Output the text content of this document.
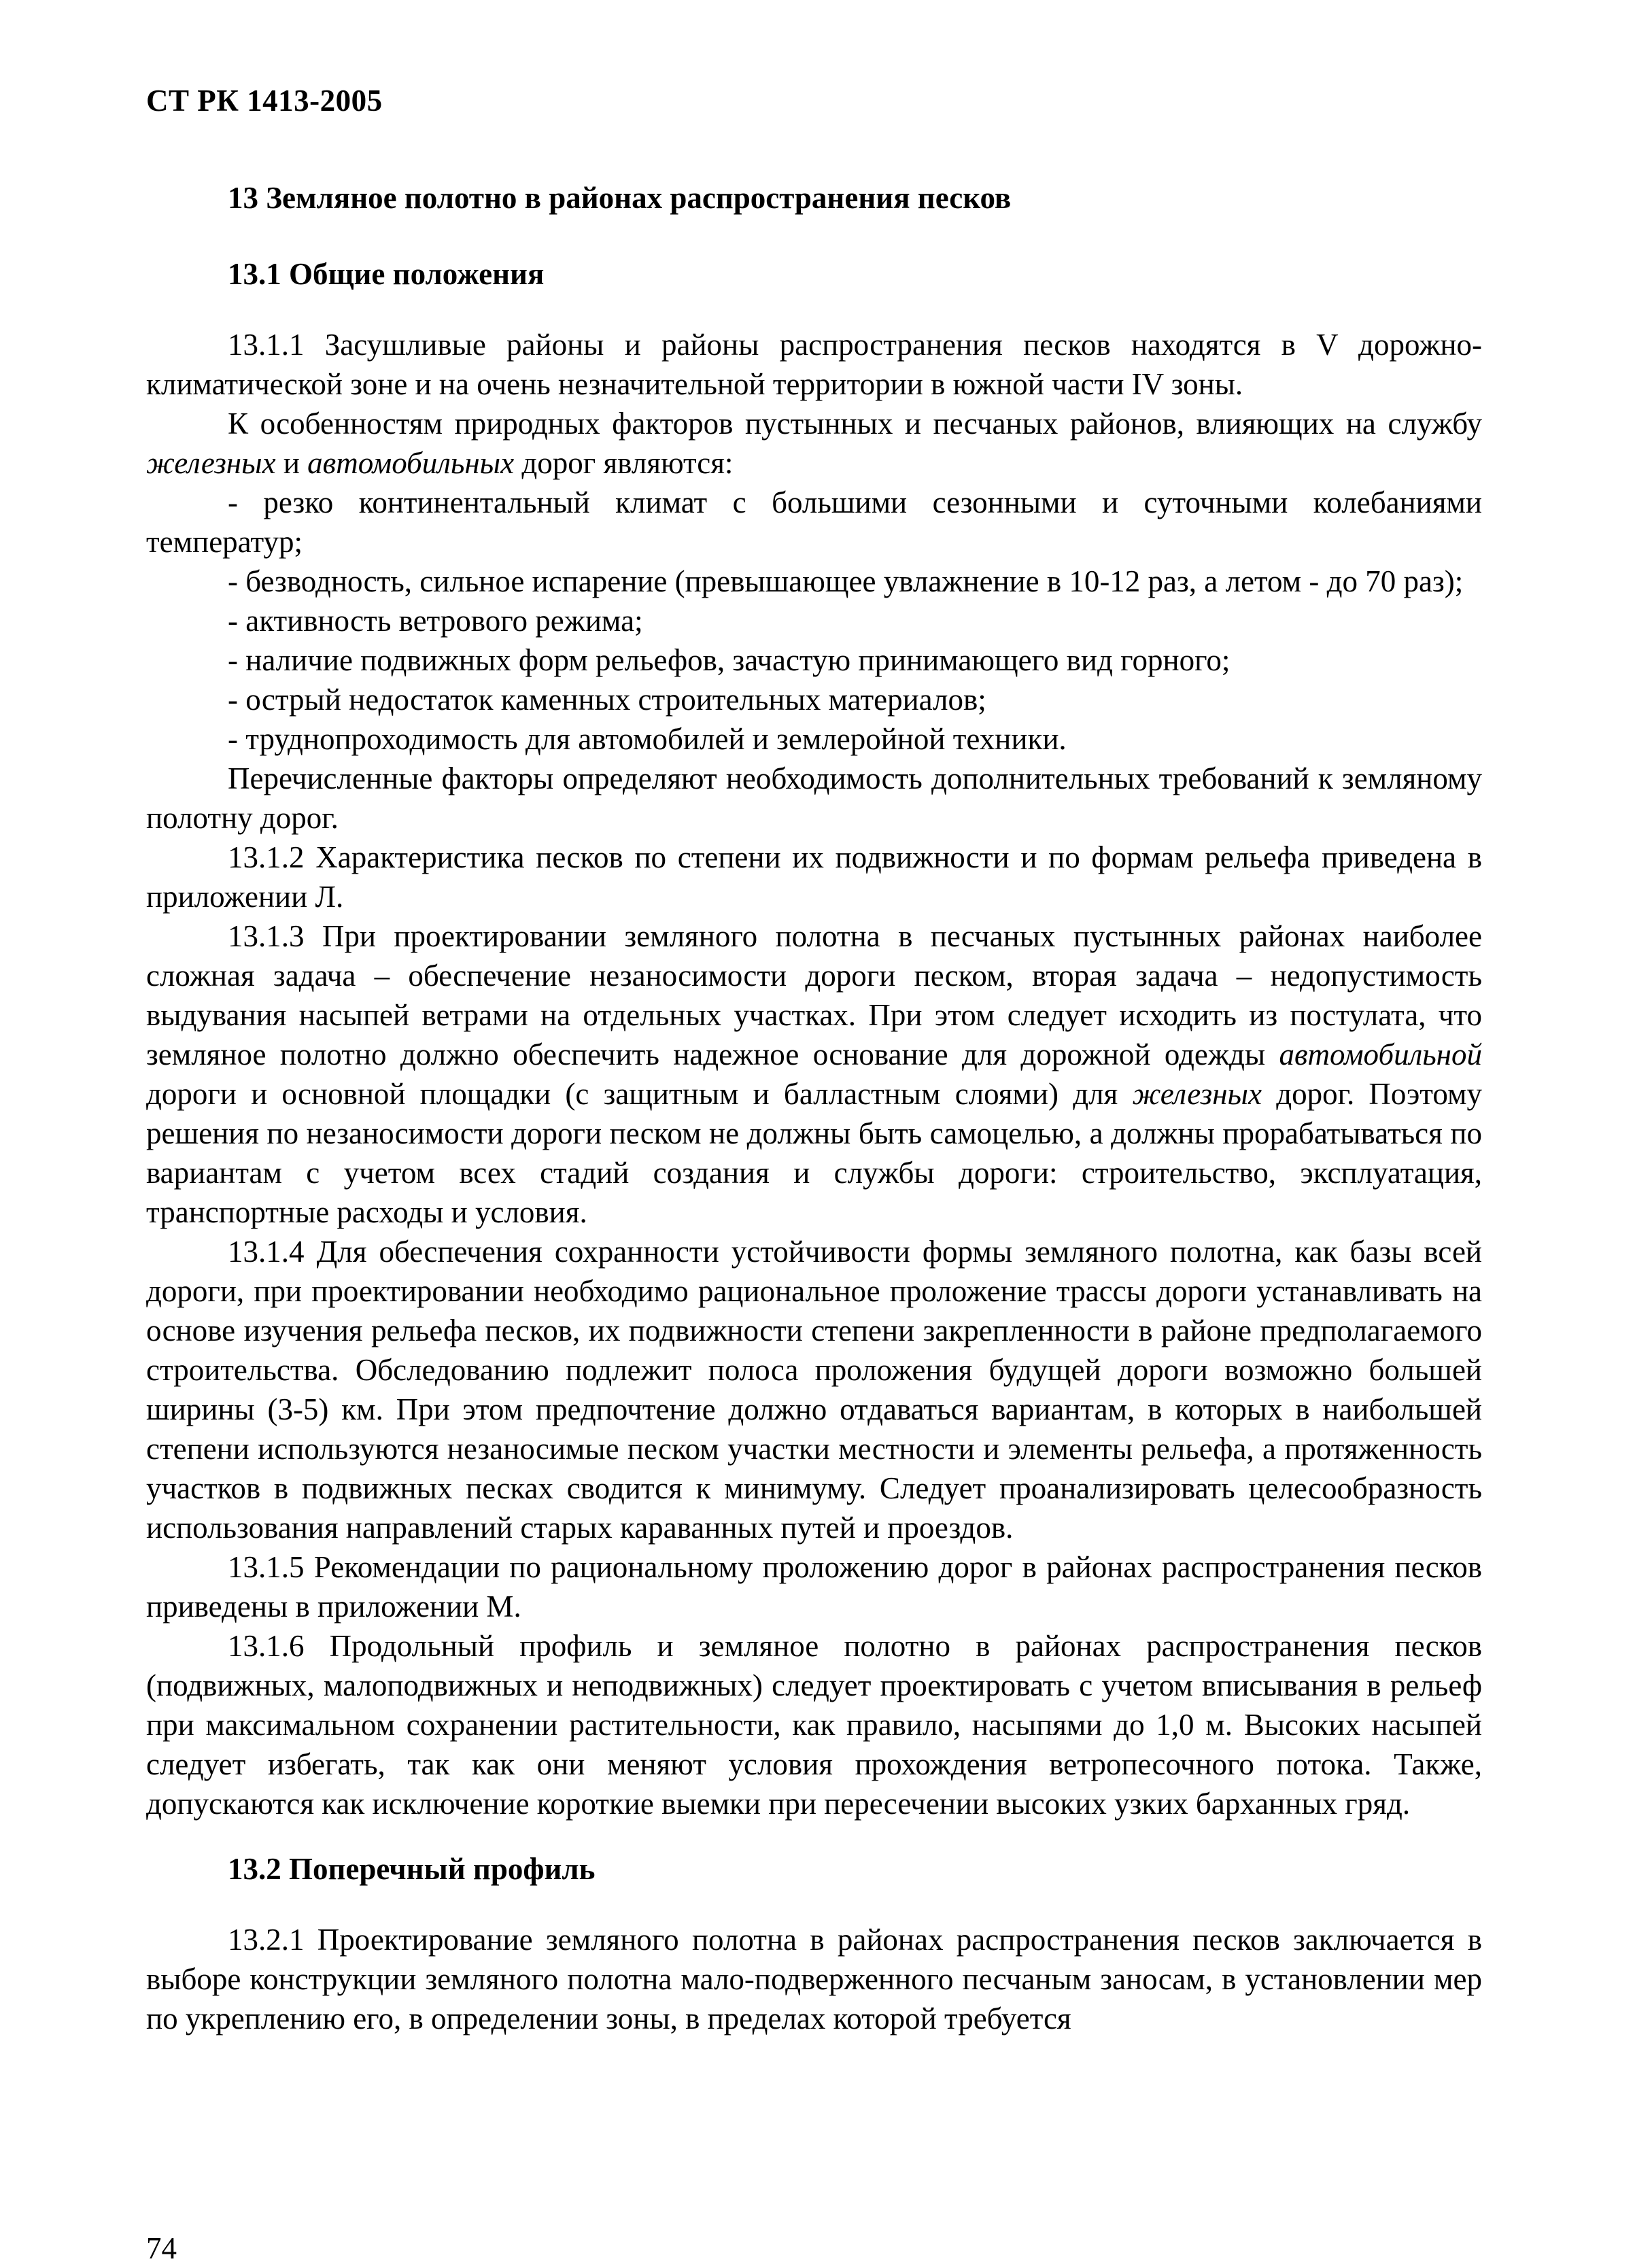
СТ РК 1413-2005
13 Земляное полотно в районах распространения песков
13.1 Общие положения

13.1.1 Засушливые районы и районы распространения песков находятся в V дорожно-климатической зоне и на очень незначительной территории в южной части IV зоны.

К особенностям природных факторов пустынных и песчаных районов, влияющих на службу железных и автомобильных дорог являются:

- резко континентальный климат с большими сезонными и суточными колебаниями температур;

- безводность, сильное испарение (превышающее увлажнение в 10-12 раз, а летом - до 70 раз);

- активность ветрового режима;

- наличие подвижных форм рельефов, зачастую принимающего вид горного;

- острый недостаток каменных строительных материалов;

- труднопроходимость для автомобилей и землеройной техники.

Перечисленные факторы определяют необходимость дополнительных требований к земляному полотну дорог.

13.1.2 Характеристика песков по степени их подвижности и по формам рельефа приведена в приложении Л.

13.1.3 При проектировании земляного полотна в песчаных пустынных районах наиболее сложная задача – обеспечение незаносимости дороги песком, вторая задача – недопустимость выдувания насыпей ветрами на отдельных участках. При этом следует исходить из постулата, что земляное полотно должно обеспечить надежное основание для дорожной одежды автомобильной дороги и основной площадки (с защитным и балластным слоями) для железных дорог. Поэтому решения по незаносимости дороги песком не должны быть самоцелью, а должны прорабатываться по вариантам с учетом всех стадий создания и службы дороги: строительство, эксплуатация, транспортные расходы и условия.

13.1.4 Для обеспечения сохранности устойчивости формы земляного полотна, как базы всей дороги, при проектировании необходимо рациональное проложение трассы дороги устанавливать на основе изучения рельефа песков, их подвижности степени закрепленности в районе предполагаемого строительства. Обследованию подлежит полоса проложения будущей дороги возможно большей ширины (3-5) км. При этом предпочтение должно отдаваться вариантам, в которых в наибольшей степени используются незаносимые песком участки местности и элементы рельефа, а протяженность участков в подвижных песках сводится к минимуму. Следует проанализировать целесообразность использования направлений старых караванных путей и проездов.

13.1.5 Рекомендации по рациональному проложению дорог в районах распространения песков приведены в приложении М.

13.1.6 Продольный профиль и земляное полотно в районах распространения песков (подвижных, малоподвижных и неподвижных) следует проектировать с учетом вписывания в рельеф при максимальном сохранении растительности, как правило, насыпями до 1,0 м. Высоких насыпей следует избегать, так как они меняют условия прохождения ветропесочного потока. Также, допускаются как исключение короткие выемки при пересечении высоких узких барханных гряд.

13.2 Поперечный профиль

13.2.1 Проектирование земляного полотна в районах распространения песков заключается в выборе конструкции земляного полотна мало-подверженного песчаным заносам, в установлении мер по укреплению его, в определении зоны, в пределах которой требуется

74
